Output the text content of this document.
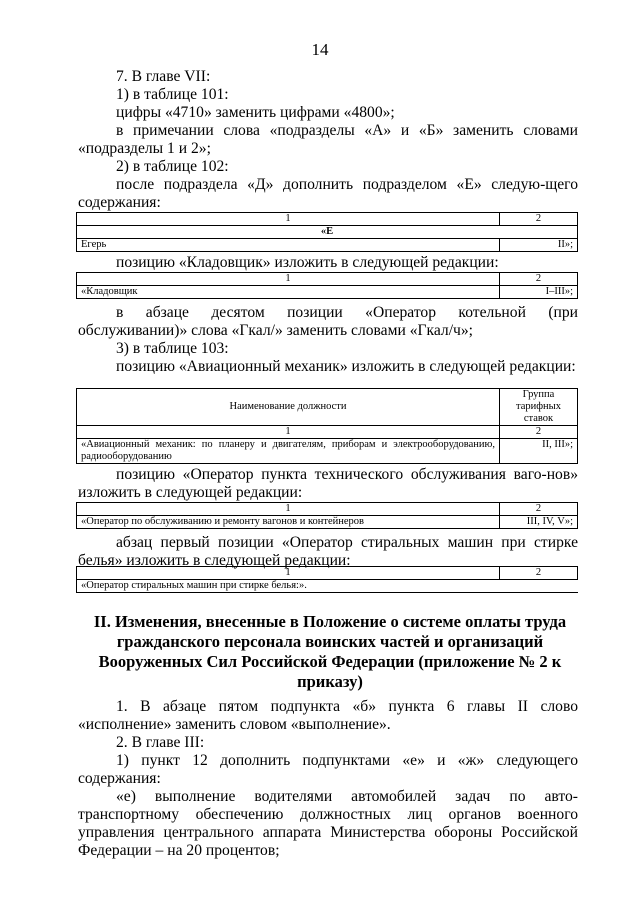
14
7. В главе VII:
1) в таблице 101:
цифры «4710» заменить цифрами «4800»;
в примечании слова «подразделы «А» и «Б» заменить словами «подразделы 1 и 2»;
2) в таблице 102:
после подраздела «Д» дополнить подразделом «Е» следую-щего содержания:
1	2
«Е	
Егерь	II»;
позицию «Кладовщик» изложить в следующей редакции:
1	2
«Кладовщик	I–III»;
в абзаце десятом позиции «Оператор котельной (при обслуживании)» слова «Гкал/» заменить словами «Гкал/ч»;
3) в таблице 103:
позицию «Авиационный механик» изложить в следующей редакции:
Наименование должности	Группа тарифных ставок
1	2
«Авиационный механик: по планеру и двигателям, приборам и электрооборудованию, радиооборудованию	II, III»;
позицию «Оператор пункта технического обслуживания ваго-нов» изложить в следующей редакции:
1	2
«Оператор по обслуживанию и ремонту вагонов и контейнеров	III, IV, V»;
абзац первый позиции «Оператор стиральных машин при стирке белья» изложить в следующей редакции:
1	2
«Оператор стиральных машин при стирке белья:».
II. Изменения, внесенные в Положение о системе оплаты труда гражданского персонала воинских частей и организаций Вооруженных Сил Российской Федерации (приложение № 2 к приказу)
1. В абзаце пятом подпункта «б» пункта 6 главы II слово «исполнение» заменить словом «выполнение».
2. В главе III:
1) пункт 12 дополнить подпунктами «е» и «ж» следующего содержания:
«е) выполнение водителями автомобилей задач по авто-транспортному обеспечению должностных лиц органов военного управления центрального аппарата Министерства обороны Российской Федерации – на 20 процентов;
